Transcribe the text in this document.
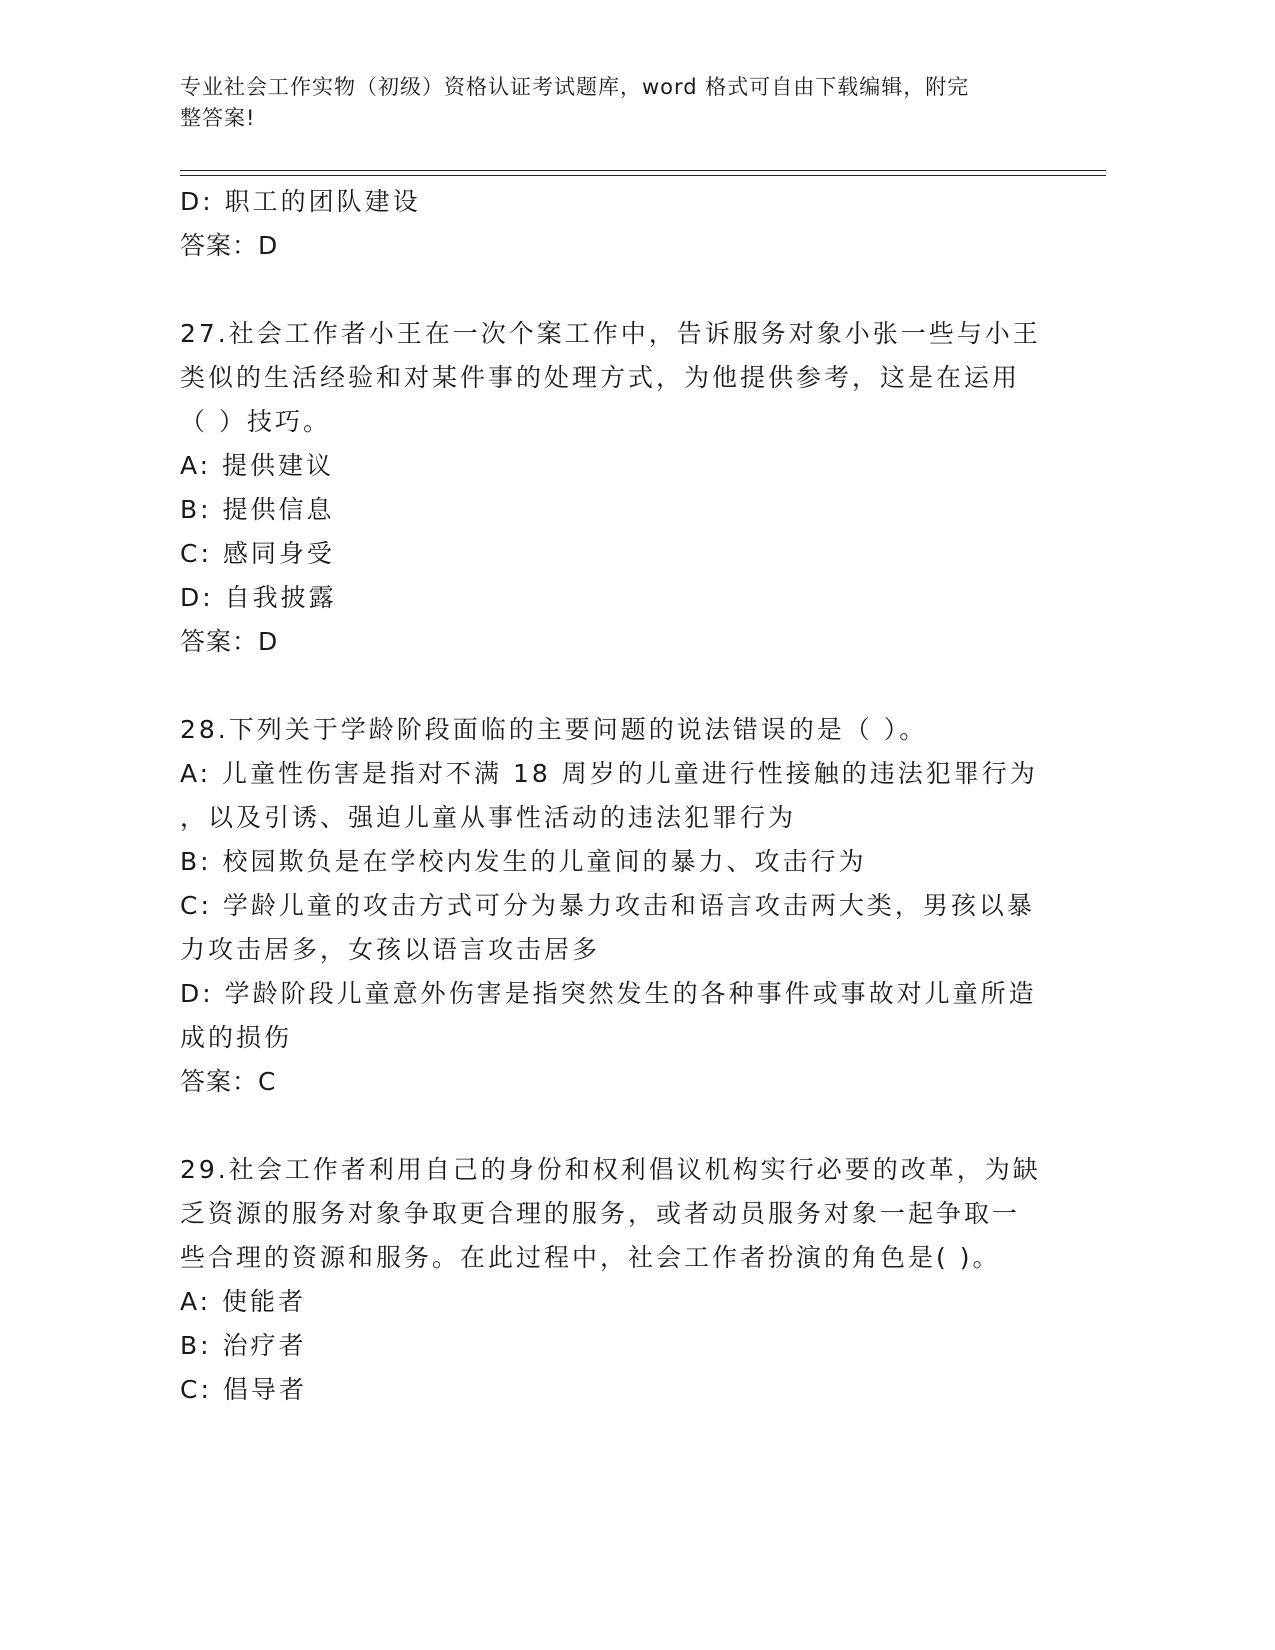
专业社会工作实物（初级）资格认证考试题库，word 格式可自由下载编辑，附完
整答案!
D: 职工的团队建设
答案：D
27.社会工作者小王在一次个案工作中，告诉服务对象小张一些与小王
类似的生活经验和对某件事的处理方式，为他提供参考，这是在运用
（ ）技巧。
A: 提供建议
B: 提供信息
C: 感同身受
D: 自我披露
答案：D
28.下列关于学龄阶段面临的主要问题的说法错误的是（ ）。
A: 儿童性伤害是指对不满 18 周岁的儿童进行性接触的违法犯罪行为
，以及引诱、强迫儿童从事性活动的违法犯罪行为
B: 校园欺负是在学校内发生的儿童间的暴力、攻击行为
C: 学龄儿童的攻击方式可分为暴力攻击和语言攻击两大类，男孩以暴
力攻击居多，女孩以语言攻击居多
D: 学龄阶段儿童意外伤害是指突然发生的各种事件或事故对儿童所造
成的损伤
答案：C
29.社会工作者利用自己的身份和权利倡议机构实行必要的改革，为缺
乏资源的服务对象争取更合理的服务，或者动员服务对象一起争取一
些合理的资源和服务。在此过程中，社会工作者扮演的角色是( )。
A: 使能者
B: 治疗者
C: 倡导者
